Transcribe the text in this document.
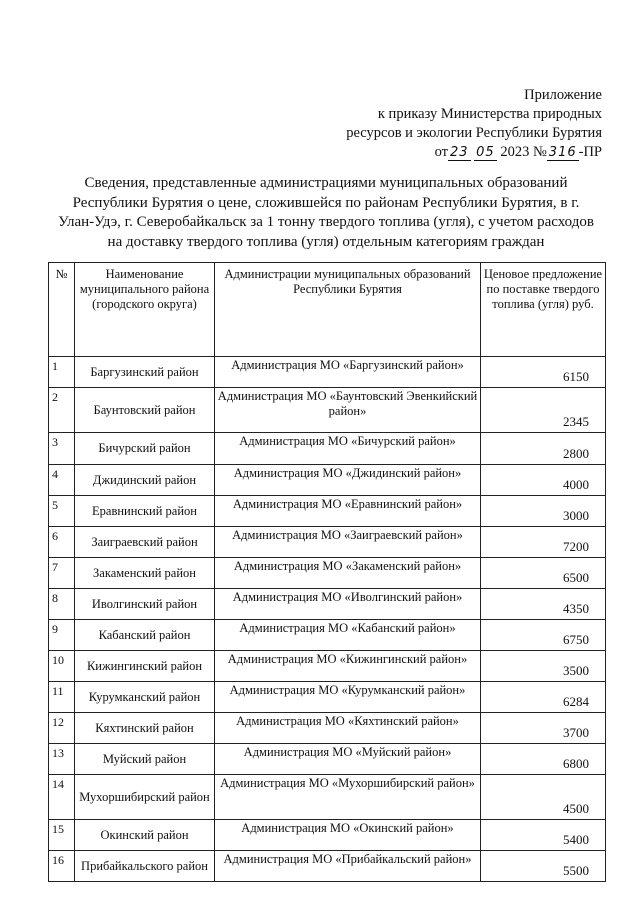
Приложение
к приказу Министерства природных
ресурсов и экологии Республики Бурятия
от 23 05 2023 № 316 -ПР
Сведения, представленные администрациями муниципальных образований
Республики Бурятия о цене, сложившейся по районам Республики Бурятия, в г.
Улан-Удэ, г. Северобайкальск за 1 тонну твердого топлива (угля), с учетом расходов
на доставку твердого топлива (угля) отдельным категориям граждан
№	Наименование муниципального района (городского округа)	Администрации муниципальных образований Республики Бурятия	Ценовое предложение по поставке твердого топлива (угля) руб.
1	Баргузинский район	Администрация МО «Баргузинский район»	6150
2	Баунтовский район	Администрация МО «Баунтовский Эвенкийский район»	2345
3	Бичурский район	Администрация МО «Бичурский район»	2800
4	Джидинский район	Администрация МО «Джидинский район»	4000
5	Еравнинский район	Администрация МО «Еравнинский район»	3000
6	Заиграевский район	Администрация МО «Заиграевский район»	7200
7	Закаменский район	Администрация МО «Закаменский район»	6500
8	Иволгинский район	Администрация МО «Иволгинский район»	4350
9	Кабанский район	Администрация МО «Кабанский район»	6750
10	Кижингинский район	Администрация МО «Кижингинский район»	3500
11	Курумканский район	Администрация МО «Курумканский район»	6284
12	Кяхтинский район	Администрация МО «Кяхтинский район»	3700
13	Муйский район	Администрация МО «Муйский район»	6800
14	Мухоршибирский район	Администрация МО «Мухоршибирский район»	4500
15	Окинский район	Администрация МО «Окинский район»	5400
16	Прибайкальского район	Администрация МО «Прибайкальский район»	5500
